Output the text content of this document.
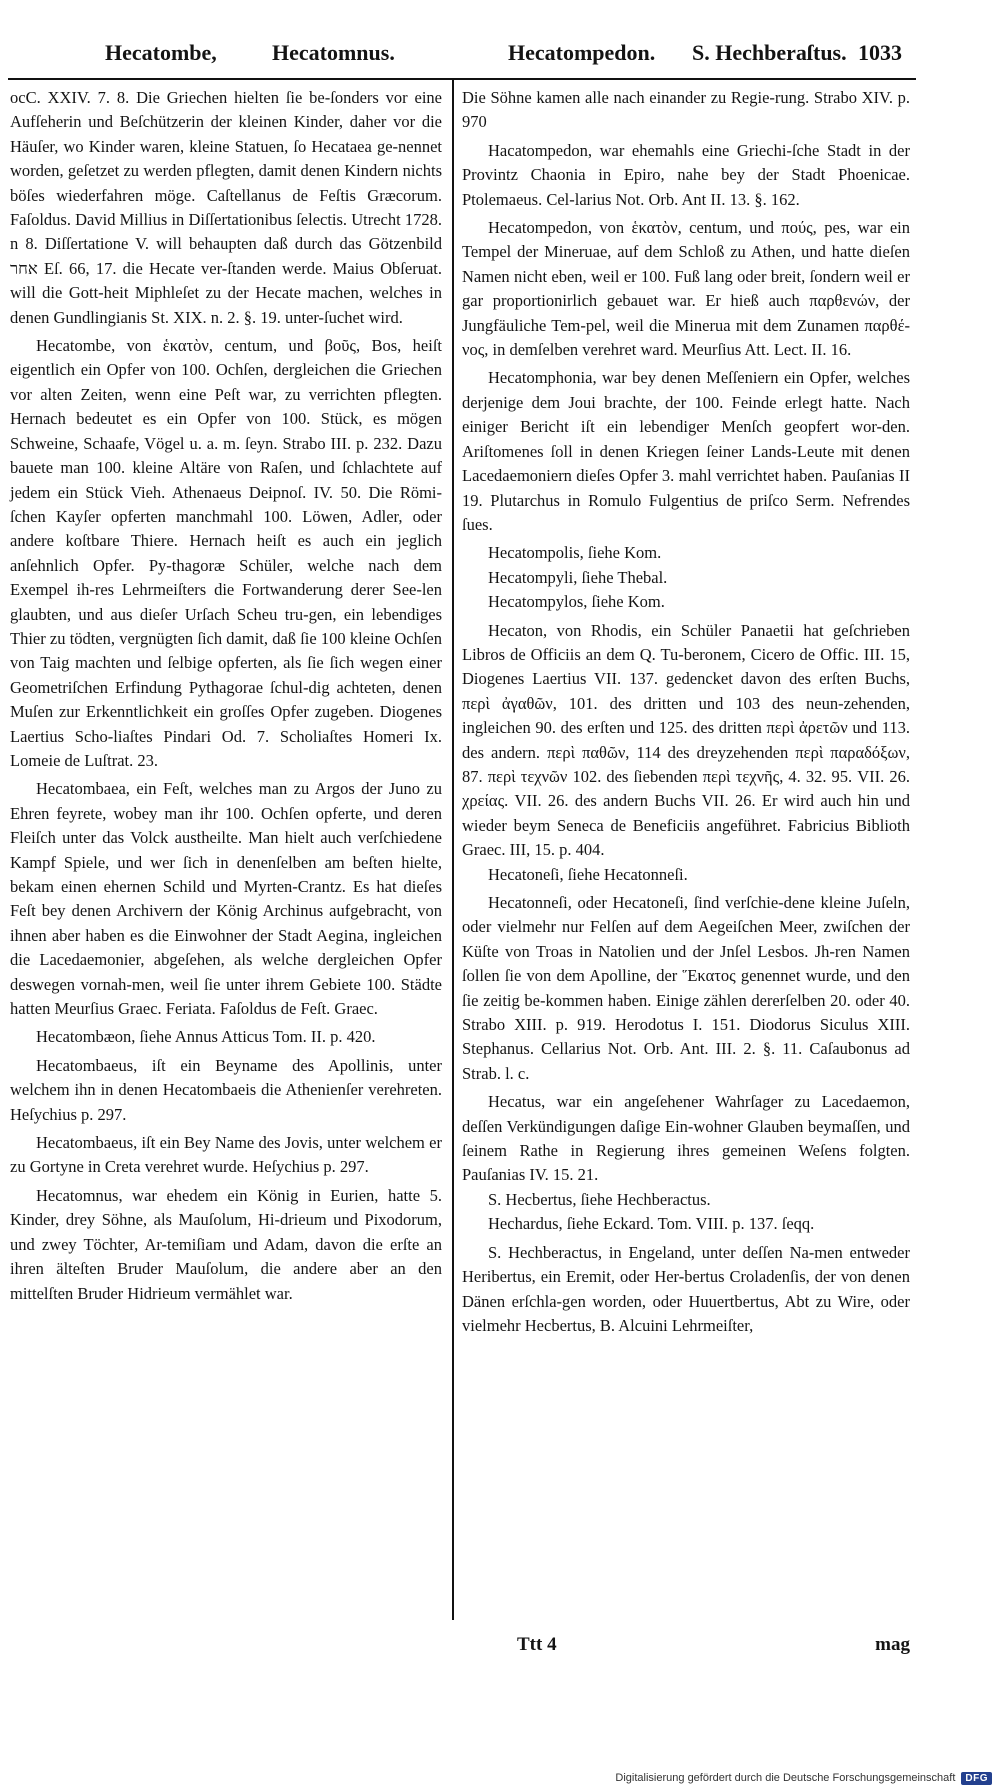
Hecatombe,	Hecatomnus.	Hecatompedon. S. Hechberaſtus. 1033

ocC. XXIV. 7. 8. Die Griechen hielten ſie be-ſonders vor eine Aufſeherin und Beſchützerin der kleinen Kinder, daher vor die Häuſer, wo Kinder waren, kleine Statuen, ſo Hecataea ge-nennet worden, geſetzet zu werden pflegten, damit denen Kindern nichts böſes wiederfahren möge. Caſtellanus de Feſtis Græcorum. Faſoldus. David Millius in Diſſertationibus ſelectis. Utrecht 1728. n 8. Diſſertatione V. will behaupten daß durch das Götzenbild אחר Eſ. 66, 17. die Hecate ver-ſtanden werde. Maius Obſeruat. will die Gott-heit Miphleſet zu der Hecate machen, welches in denen Gundlingianis St. XIX. n. 2. §. 19. unter-ſuchet wird.

Hecatombe, von ἑκατὸν, centum, und βοῦς, Bos, heiſt eigentlich ein Opfer von 100. Ochſen, dergleichen die Griechen vor alten Zeiten, wenn eine Peſt war, zu verrichten pflegten. Hernach bedeutet es ein Opfer von 100. Stück, es mögen Schweine, Schaafe, Vögel u. a. m. ſeyn. Strabo III. p. 232. Dazu bauete man 100. kleine Altäre von Raſen, und ſchlachtete auf jedem ein Stück Vieh. Athenaeus Deipnoſ. IV. 50. Die Römi-ſchen Kayſer opferten manchmahl 100. Löwen, Adler, oder andere koſtbare Thiere. Hernach heiſt es auch ein jeglich anſehnlich Opfer. Py-thagoræ Schüler, welche nach dem Exempel ih-res Lehrmeiſters die Fortwanderung derer See-len glaubten, und aus dieſer Urſach Scheu tru-gen, ein lebendiges Thier zu tödten, vergnügten ſich damit, daß ſie 100 kleine Ochſen von Taig machten und ſelbige opferten, als ſie ſich wegen einer Geometriſchen Erfindung Pythagorae ſchul-dig achteten, denen Muſen zur Erkenntlichkeit ein groſſes Opfer zugeben. Diogenes Laertius Scho-liaſtes Pindari Od. 7. Scholiaſtes Homeri Ix. Lomeie de Luſtrat. 23.

Hecatombaea, ein Feſt, welches man zu Argos der Juno zu Ehren feyrete, wobey man ihr 100. Ochſen opferte, und deren Fleiſch unter das Volck austheilte. Man hielt auch verſchiedene Kampf Spiele, und wer ſich in denenſelben am beſten hielte, bekam einen ehernen Schild und Myrten-Crantz. Es hat dieſes Feſt bey denen Archivern der König Archinus aufgebracht, von ihnen aber haben es die Einwohner der Stadt Aegina, ingleichen die Lacedaemonier, abgeſehen, als welche dergleichen Opfer deswegen vornah-men, weil ſie unter ihrem Gebiete 100. Städte hatten Meurſius Graec. Feriata. Faſoldus de Feſt. Graec.

Hecatombæon, ſiehe Annus Atticus Tom. II. p. 420.

Hecatombaeus, iſt ein Beyname des Apollinis, unter welchem ihn in denen Hecatombaeis die Athenienſer verehreten. Heſychius p. 297.

Hecatombaeus, iſt ein Bey Name des Jovis, unter welchem er zu Gortyne in Creta verehret wurde. Heſychius p. 297.

Hecatomnus, war ehedem ein König in Eurien, hatte 5. Kinder, drey Söhne, als Mauſolum, Hi-drieum und Pixodorum, und zwey Töchter, Ar-temiſiam und Adam, davon die erſte an ihren älteſten Bruder Mauſolum, die andere aber an den mittelſten Bruder Hidrieum vermählet war.

Die Söhne kamen alle nach einander zu Regie-rung. Strabo XIV. p. 970

Hacatompedon, war ehemahls eine Griechi-ſche Stadt in der Provintz Chaonia in Epiro, nahe bey der Stadt Phoenicae. Ptolemaeus. Cel-larius Not. Orb. Ant II. 13. §. 162.

Hecatompedon, von ἑκατὸν, centum, und πούς, pes, war ein Tempel der Mineruae, auf dem Schloß zu Athen, und hatte dieſen Namen nicht eben, weil er 100. Fuß lang oder breit, ſondern weil er gar proportionirlich gebauet war. Er hieß auch παρθενών, der Jungfäuliche Tem-pel, weil die Minerua mit dem Zunamen παρθέ-νος, in demſelben verehret ward. Meurſius Att. Lect. II. 16.

Hecatomphonia, war bey denen Meſſeniern ein Opfer, welches derjenige dem Joui brachte, der 100. Feinde erlegt hatte. Nach einiger Bericht iſt ein lebendiger Menſch geopfert wor-den. Ariſtomenes ſoll in denen Kriegen ſeiner Lands-Leute mit denen Lacedaemoniern dieſes Opfer 3. mahl verrichtet haben. Pauſanias II 19. Plutarchus in Romulo Fulgentius de priſco Serm. Nefrendes ſues.

Hecatompolis, ſiehe Kom.

Hecatompyli, ſiehe Thebal.

Hecatompylos, ſiehe Kom.

Hecaton, von Rhodis, ein Schüler Panaetii hat geſchrieben Libros de Officiis an dem Q. Tu-beronem, Cicero de Offic. III. 15, Diogenes Laertius VII. 137. gedencket davon des erſten Buchs, περὶ ἀγαθῶν, 101. des dritten und 103 des neun-zehenden, ingleichen 90. des erſten und 125. des dritten περὶ ἀρετῶν und 113. des andern. περὶ παθῶν, 114 des dreyzehenden περὶ παραδόξων, 87. περὶ τεχνῶν 102. des ſiebenden περὶ τεχνῆς, 4. 32. 95. VII. 26. χρείας. VII. 26. des andern Buchs VII. 26. Er wird auch hin und wieder beym Seneca de Beneficiis angeführet. Fabricius Biblioth Graec. III, 15. p. 404.

Hecatoneſi, ſiehe Hecatonneſi.

Hecatonneſi, oder Hecatoneſi, ſind verſchie-dene kleine Juſeln, oder vielmehr nur Felſen auf dem Aegeiſchen Meer, zwiſchen der Küſte von Troas in Natolien und der Jnſel Lesbos. Jh-ren Namen ſollen ſie von dem Apolline, der Ἕκατος genennet wurde, und den ſie zeitig be-kommen haben. Einige zählen dererſelben 20. oder 40. Strabo XIII. p. 919. Herodotus I. 151. Diodorus Siculus XIII. Stephanus. Cellarius Not. Orb. Ant. III. 2. §. 11. Caſaubonus ad Strab. l. c.

Hecatus, war ein angeſehener Wahrſager zu Lacedaemon, deſſen Verkündigungen daſige Ein-wohner Glauben beymaſſen, und ſeinem Rathe in Regierung ihres gemeinen Weſens folgten. Pauſanias IV. 15. 21.

S. Hecbertus, ſiehe Hechberactus.

Hechardus, ſiehe Eckard. Tom. VIII. p. 137. ſeqq.

S. Hechberactus, in Engeland, unter deſſen Na-men entweder Heribertus, ein Eremit, oder Her-bertus Croladenſis, der von denen Dänen erſchla-gen worden, oder Huuertbertus, Abt zu Wire, oder vielmehr Hecbertus, B. Alcuini Lehrmeiſter,

Ttt 4	mag
Digitalisierung gefördert durch die Deutsche Forschungsgemeinschaft	DFG
